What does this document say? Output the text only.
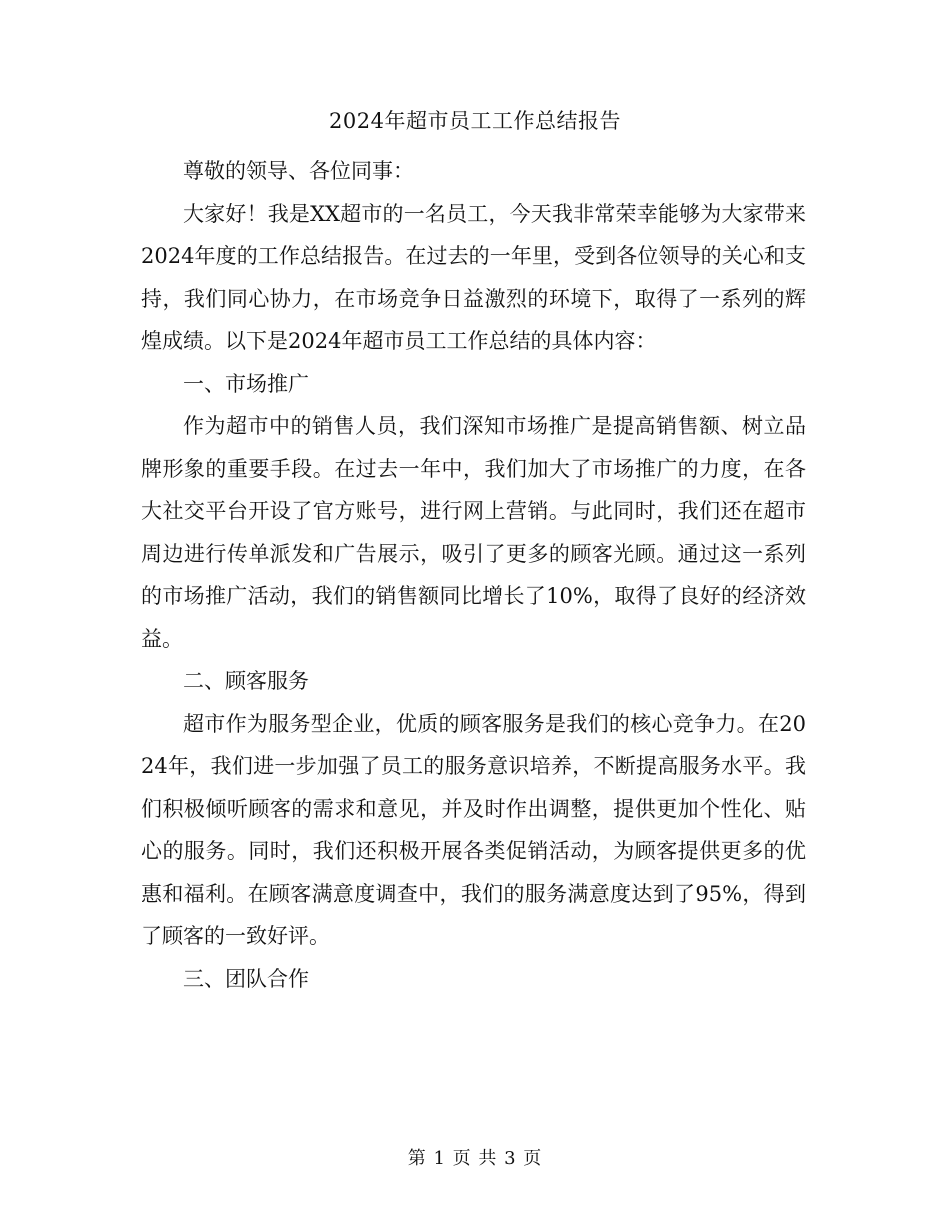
2024年超市员工工作总结报告

尊敬的领导、各位同事：

大家好！我是XX超市的一名员工，今天我非常荣幸能够为大家带来2024年度的工作总结报告。在过去的一年里，受到各位领导的关心和支持，我们同心协力，在市场竞争日益激烈的环境下，取得了一系列的辉煌成绩。以下是2024年超市员工工作总结的具体内容：

一、市场推广

作为超市中的销售人员，我们深知市场推广是提高销售额、树立品牌形象的重要手段。在过去一年中，我们加大了市场推广的力度，在各大社交平台开设了官方账号，进行网上营销。与此同时，我们还在超市周边进行传单派发和广告展示，吸引了更多的顾客光顾。通过这一系列的市场推广活动，我们的销售额同比增长了10%，取得了良好的经济效益。

二、顾客服务

超市作为服务型企业，优质的顾客服务是我们的核心竞争力。在2024年，我们进一步加强了员工的服务意识培养，不断提高服务水平。我们积极倾听顾客的需求和意见，并及时作出调整，提供更加个性化、贴心的服务。同时，我们还积极开展各类促销活动，为顾客提供更多的优惠和福利。在顾客满意度调查中，我们的服务满意度达到了95%，得到了顾客的一致好评。

三、团队合作

第 1 页 共 3 页
